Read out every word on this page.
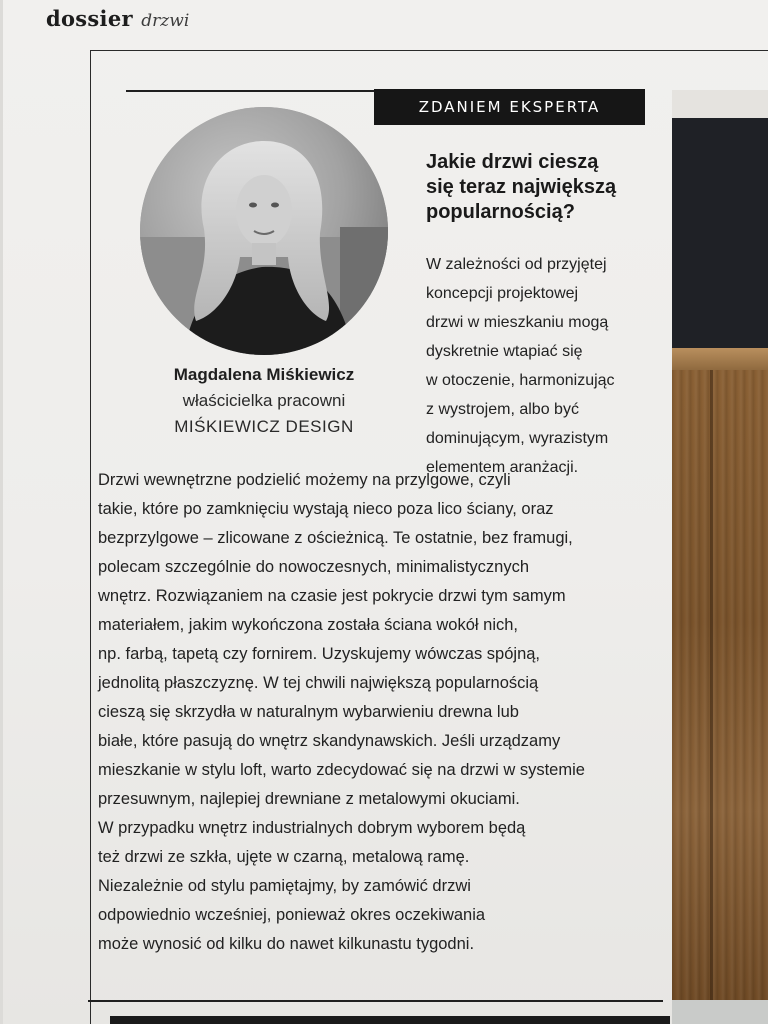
dossier drzwi
ZDANIEM EKSPERTA
Magdalena Miśkiewicz
właścicielka pracowni
MIŚKIEWICZ DESIGN
Jakie drzwi cieszą
się teraz największą
popularnością?
W zależności od przyjętej
koncepcji projektowej
drzwi w mieszkaniu mogą
dyskretnie wtapiać się
w otoczenie, harmonizując
z wystrojem, albo być
dominującym, wyrazistym
elementem aranżacji.
Drzwi wewnętrzne podzielić możemy na przylgowe, czyli
takie, które po zamknięciu wystają nieco poza lico ściany, oraz
bezprzylgowe – zlicowane z ościeżnicą. Te ostatnie, bez framugi,
polecam szczególnie do nowoczesnych, minimalistycznych
wnętrz. Rozwiązaniem na czasie jest pokrycie drzwi tym samym
materiałem, jakim wykończona została ściana wokół nich,
np. farbą, tapetą czy fornirem. Uzyskujemy wówczas spójną,
jednolitą płaszczyznę. W tej chwili największą popularnością
cieszą się skrzydła w naturalnym wybarwieniu drewna lub
białe, które pasują do wnętrz skandynawskich. Jeśli urządzamy
mieszkanie w stylu loft, warto zdecydować się na drzwi w systemie
przesuwnym, najlepiej drewniane z metalowymi okuciami.
W przypadku wnętrz industrialnych dobrym wyborem będą
też drzwi ze szkła, ujęte w czarną, metalową ramę.
Niezależnie od stylu pamiętajmy, by zamówić drzwi
odpowiednio wcześniej, ponieważ okres oczekiwania
może wynosić od kilku do nawet kilkunastu tygodni.
